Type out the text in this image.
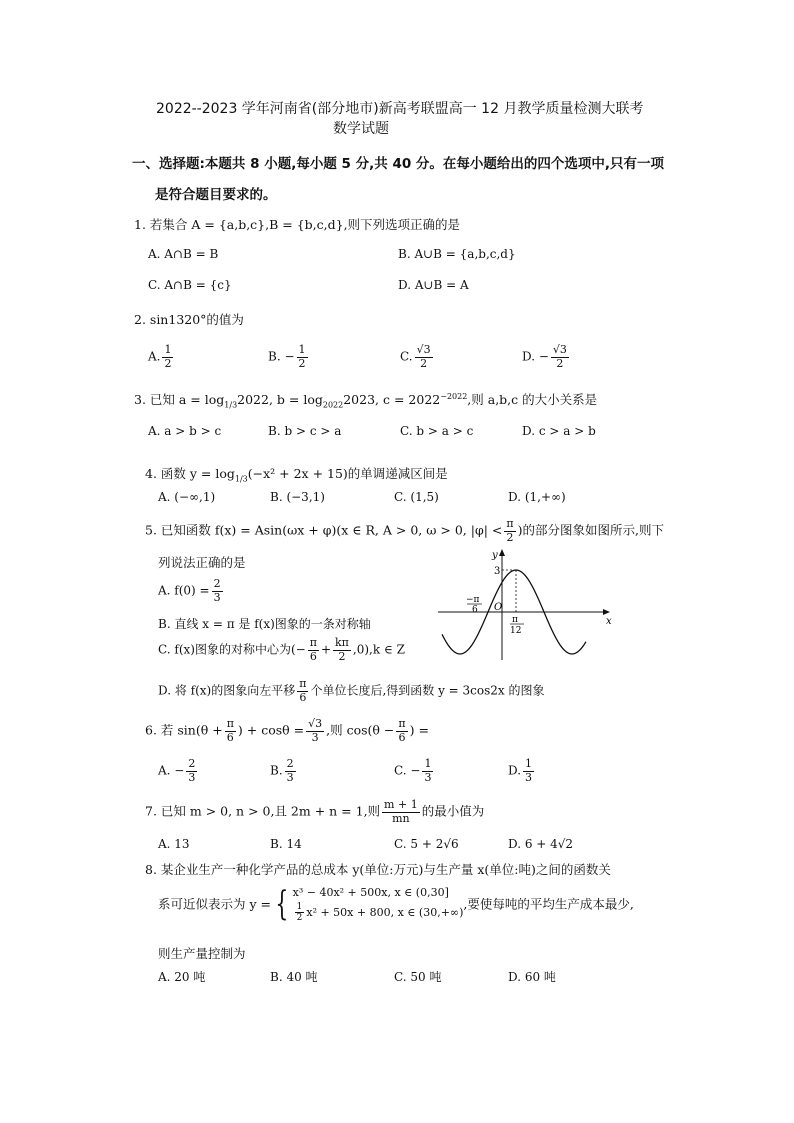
2022--2023 学年河南省(部分地市)新高考联盟高一 12 月教学质量检测大联考
数学试题
一、选择题:本题共 8 小题,每小题 5 分,共 40 分。在每小题给出的四个选项中,只有一项
是符合题目要求的。
1. 若集合 A = {a,b,c},B = {b,c,d},则下列选项正确的是
A. A∩B = B	B. A∪B = {a,b,c,d}
C. A∩B = {c}	D. A∪B = A
2. sin1320°的值为
A. $\frac{1}{2}$	B. − $\frac{1}{2}$	C. $\frac{√3}{2}$	D. − $\frac{√3}{2}$
3. 已知 $a = \log_{1/3}2022$, $b = \log_{2022}2023$, $c = 2022^{-2022}$,则 a,b,c 的大小关系是
A. a > b > c	B. b > c > a	C. b > a > c	D. c > a > b
4. 函数 $y = \log_{1/3}(-x^2 + 2x + 15)$的单调递减区间是
A. (−∞,1)	B. (−3,1)	C. (1,5)	D. (1,+∞)
5. 已知函数 f(x) = Asin(ωx + φ)(x ∈ R, A > 0, ω > 0, $|\varphi| < \frac{\pi}{2}$ )的部分图象如图所示,则下
列说法正确的是
A. $f(0) = \frac{2}{3}$
B. 直线 x = π 是 f(x)图象的一条对称轴
C. f(x)图象的对称中心为(− $\frac{\pi}{6} + \frac{k\pi}{2} ,0),k$ ∈ Z
D. 将 f(x)的图象向左平移 $\frac{\pi}{6}$ 个单位长度后,得到函数 y = 3cos2x 的图象
y
x
O
3
−π
6
π
12
6. 若 $\sin(\theta + \frac{\pi}{6}$ ) + $\cos\theta = \frac{√3}{3}$ ,则 $\cos(\theta - \frac{\pi}{6}$ ) =
A. − $\frac{2}{3}$	B. $\frac{2}{3}$	C. − $\frac{1}{3}$	D. $\frac{1}{3}$
7. 已知 m > 0, n > 0,且 2m + n = 1,则 $\frac{m + 1}{mn}$ 的最小值为
A. 13	B. 14	C. 5 + 2√6	D. 6 + 4√2
8. 某企业生产一种化学产品的总成本 y(单位:万元)与生产量 x(单位:吨)之间的函数关
系可近似表示为 y = { x³ − 40x² + 500x, x ∈ (0,30]
$\frac{1}{2} x^2 + 50x + 800$, x ∈ (30,+∞)
,要使每吨的平均生产成本最少,
则生产量控制为
A. 20 吨	B. 40 吨	C. 50 吨	D. 60 吨
